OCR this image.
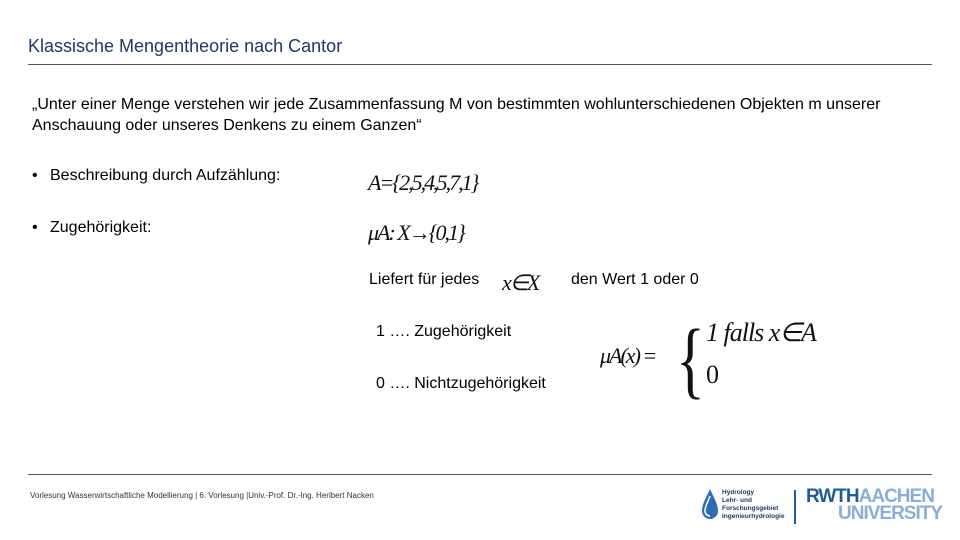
Klassische Mengentheorie nach Cantor
„Unter einer Menge verstehen wir jede Zusammenfassung M von bestimmten wohlunterschiedenen Objekten m unserer Anschauung oder unseres Denkens zu einem Ganzen“
• Beschreibung durch Aufzählung:	A={2,5,4,5,7,1}
• Zugehörigkeit:	μA: X→{0,1}
Liefert für jedes x∈X den Wert 1 oder 0
1 …. Zugehörigkeit
0 …. Nichtzugehörigkeit
μA(x) = { 1 falls x∈A
0
Vorlesung Wasserwirtschaftliche Modellierung | 6. Vorlesung |Univ.-Prof. Dr.-Ing. Heribert Nacken	Hydrology
Lehr- und
Forschungsgebiet
Ingenieurhydrologie
RWTHAACHEN
UNIVERSITY
